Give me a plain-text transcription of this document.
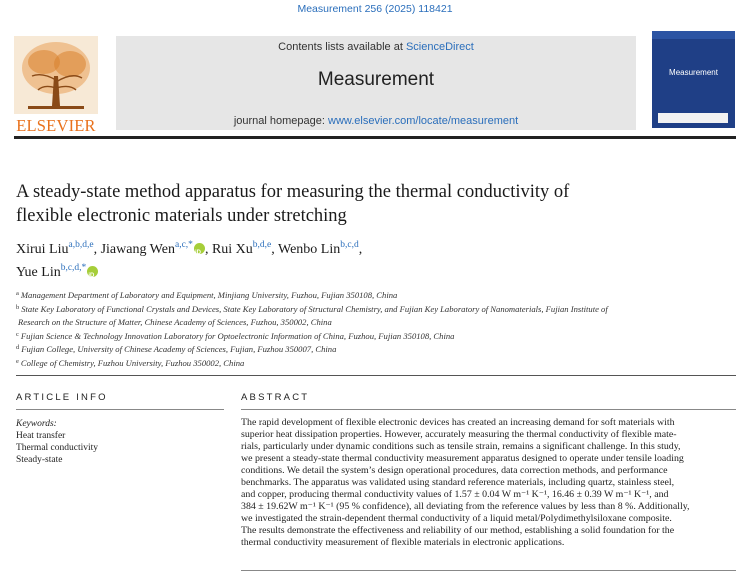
Measurement 256 (2025) 118421
ELSEVIER
Contents lists available at ScienceDirect
Measurement
journal homepage: www.elsevier.com/locate/measurement
Measurement
A steady-state method apparatus for measuring the thermal conductivity of
flexible electronic materials under stretching
Xirui Liu$^{a,b,d,e}$, Jiawang Wen$^{a,c,*}$iD , Rui Xu$^{b,d,e}$, Wenbo Lin$^{b,c,d}$,
Yue Lin$^{b,c,d,*}$iD
$^a$ Management Department of Laboratory and Equipment, Minjiang University, Fuzhou, Fujian 350108, China
$^b$ State Key Laboratory of Functional Crystals and Devices, State Key Laboratory of Structural Chemistry, and Fujian Key Laboratory of Nanomaterials, Fujian Institute of
Research on the Structure of Matter, Chinese Academy of Sciences, Fuzhou, 350002, China
$^c$ Fujian Science & Technology Innovation Laboratory for Optoelectronic Information of China, Fuzhou, Fujian 350108, China
$^d$ Fujian College, University of Chinese Academy of Sciences, Fujian, Fuzhou 350007, China
$^e$ College of Chemistry, Fuzhou University, Fuzhou 350002, China
ARTICLE INFO	ABSTRACT
Keywords:
Heat transfer
Thermal conductivity
Steady-state
The rapid development of flexible electronic devices has created an increasing demand for soft materials with
superior heat dissipation properties. However, accurately measuring the thermal conductivity of flexible mate-
rials, particularly under dynamic conditions such as tensile strain, remains a significant challenge. In this study,
we present a steady-state thermal conductivity measurement apparatus designed to operate under tensile loading
conditions. We detail the system’s design operational procedures, data correction methods, and performance
benchmarks. The apparatus was validated using standard reference materials, including quartz, stainless steel,
and copper, producing thermal conductivity values of 1.57 ± 0.04 W m⁻¹ K⁻¹, 16.46 ± 0.39 W m⁻¹ K⁻¹, and
384 ± 19.62W m⁻¹ K⁻¹ (95 % confidence), all deviating from the reference values by less than 8 %. Additionally,
we investigated the strain-dependent thermal conductivity of a liquid metal/Polydimethylsiloxane composite.
The results demonstrate the effectiveness and reliability of our method, establishing a solid foundation for the
thermal conductivity measurement of flexible materials in electronic applications.
